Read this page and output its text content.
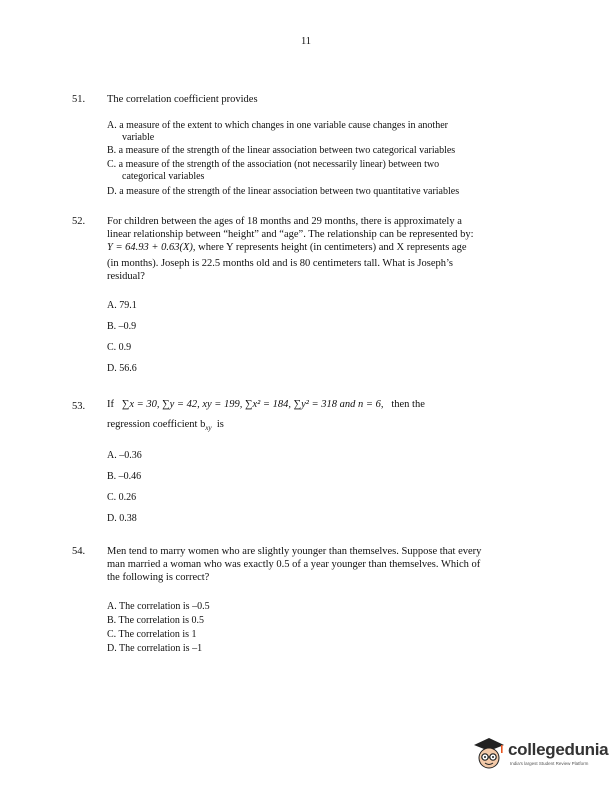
11
51. The correlation coefficient provides
A. a measure of the extent to which changes in one variable cause changes in another
variable
B. a measure of the strength of the linear association between two categorical variables
C. a measure of the strength of the association (not necessarily linear) between two
categorical variables
D. a measure of the strength of the linear association between two quantitative variables
52. For children between the ages of 18 months and 29 months, there is approximately a
linear relationship between “height” and “age”. The relationship can be represented by:
Y = 64.93 + 0.63(X), where Y represents height (in centimeters) and X represents age
(in months). Joseph is 22.5 months old and is 80 centimeters tall. What is Joseph’s
residual?
A. 79.1
B. –0.9
C. 0.9
D. 56.6
53. If ∑x = 30, ∑y = 42, xy = 199, ∑x² = 184, ∑y² = 318 and n = 6, then the
regression coefficient $b_{xy}$ is
A. –0.36
B. –0.46
C. 0.26
D. 0.38
54. Men tend to marry women who are slightly younger than themselves. Suppose that every
man married a woman who was exactly 0.5 of a year younger than themselves. Which of
the following is correct?
A. The correlation is –0.5
B. The correlation is 0.5
C. The correlation is 1
D. The correlation is –1
collegedunia
India's largest Student Review Platform
